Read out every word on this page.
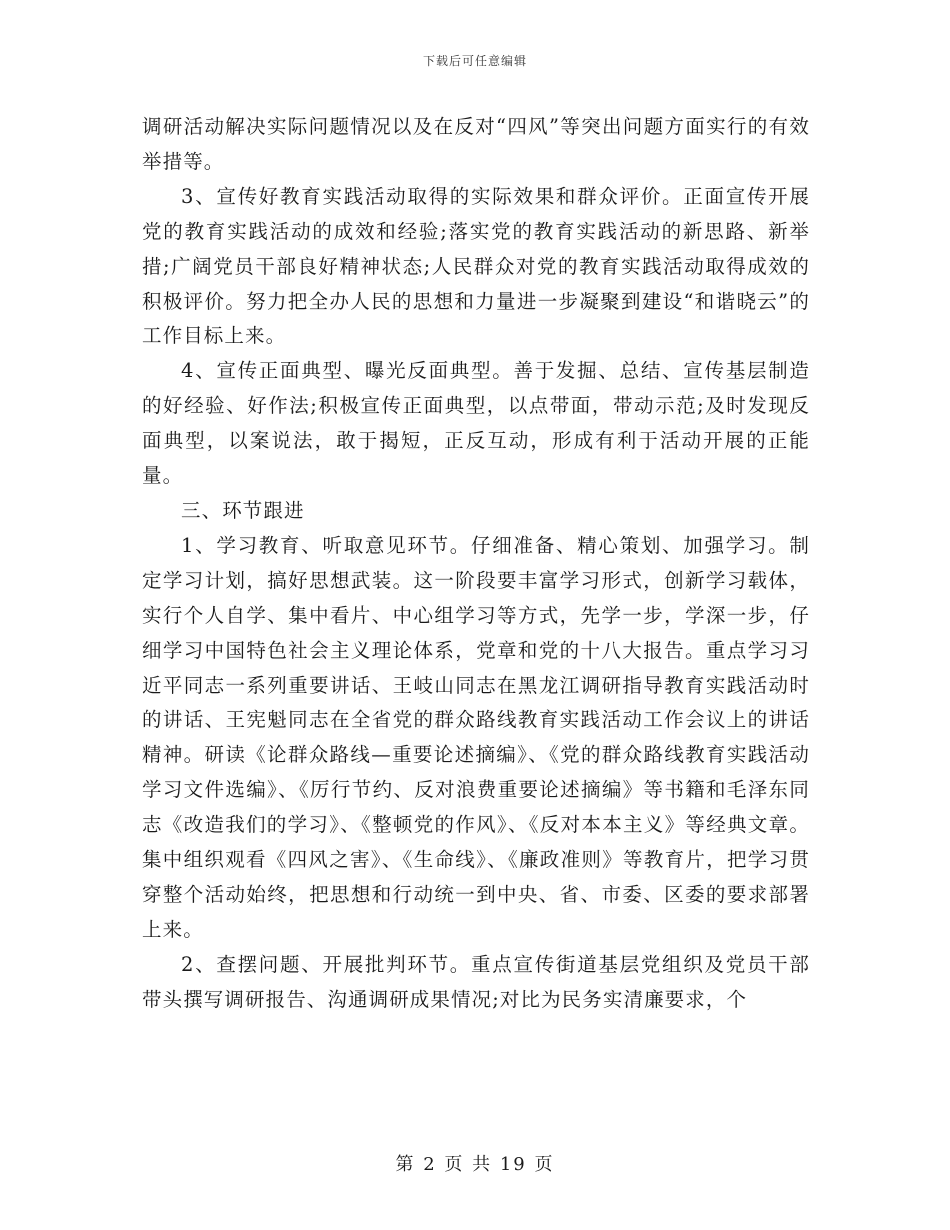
下载后可任意编辑

调研活动解决实际问题情况以及在反对“四风”等突出问题方面实行的有效举措等。

3、宣传好教育实践活动取得的实际效果和群众评价。正面宣传开展党的教育实践活动的成效和经验;落实党的教育实践活动的新思路、新举措;广阔党员干部良好精神状态;人民群众对党的教育实践活动取得成效的积极评价。努力把全办人民的思想和力量进一步凝聚到建设“和谐晓云”的工作目标上来。

4、宣传正面典型、曝光反面典型。善于发掘、总结、宣传基层制造的好经验、好作法;积极宣传正面典型，以点带面，带动示范;及时发现反面典型，以案说法，敢于揭短，正反互动，形成有利于活动开展的正能量。

三、环节跟进

1、学习教育、听取意见环节。仔细准备、精心策划、加强学习。制定学习计划，搞好思想武装。这一阶段要丰富学习形式，创新学习载体，实行个人自学、集中看片、中心组学习等方式，先学一步，学深一步，仔细学习中国特色社会主义理论体系，党章和党的十八大报告。重点学习习近平同志一系列重要讲话、王岐山同志在黑龙江调研指导教育实践活动时的讲话、王宪魁同志在全省党的群众路线教育实践活动工作会议上的讲话精神。研读《论群众路线—重要论述摘编》、《党的群众路线教育实践活动学习文件选编》、《厉行节约、反对浪费重要论述摘编》等书籍和毛泽东同志《改造我们的学习》、《整顿党的作风》、《反对本本主义》等经典文章。集中组织观看《四风之害》、《生命线》、《廉政准则》等教育片，把学习贯穿整个活动始终，把思想和行动统一到中央、省、市委、区委的要求部署上来。

2、查摆问题、开展批判环节。重点宣传街道基层党组织及党员干部带头撰写调研报告、沟通调研成果情况;对比为民务实清廉要求，个

第 2 页 共 19 页
